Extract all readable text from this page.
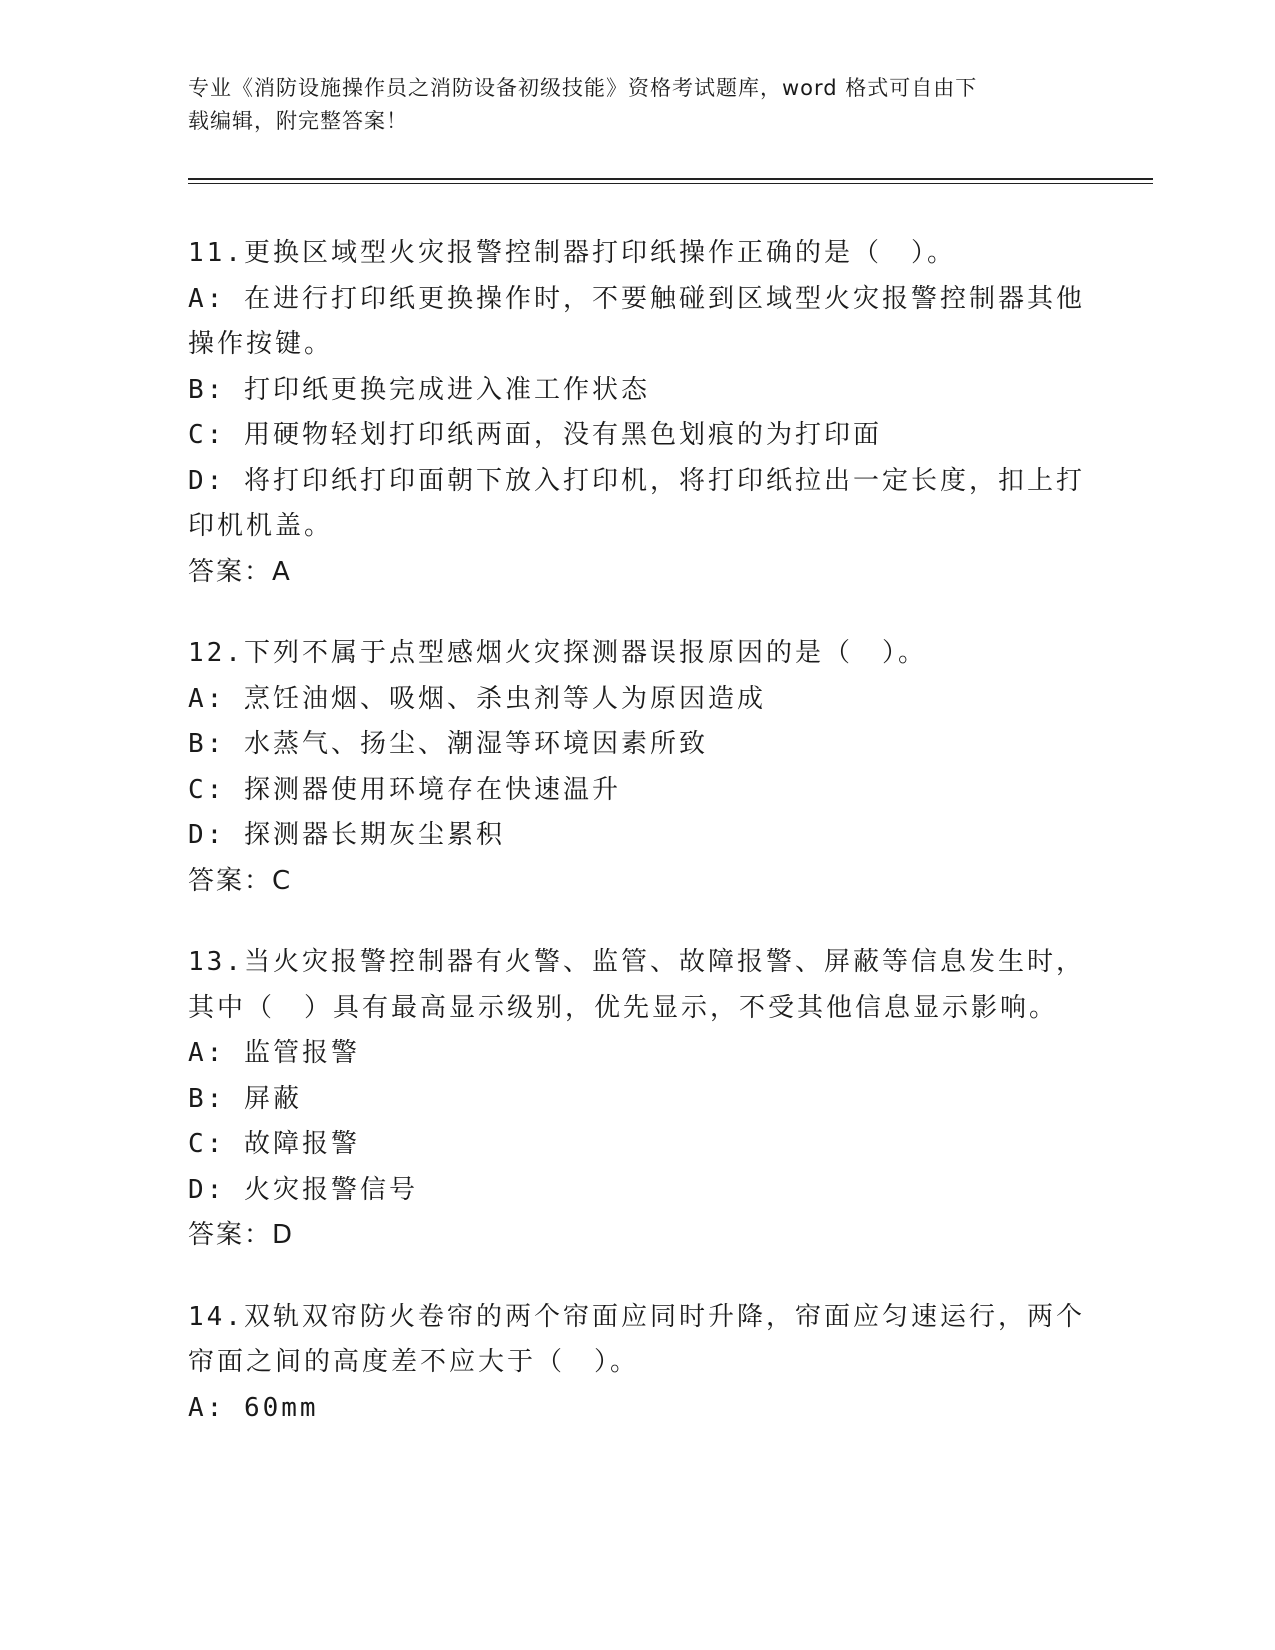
专业《消防设施操作员之消防设备初级技能》资格考试题库，word 格式可自由下
载编辑，附完整答案！
11.更换区域型火灾报警控制器打印纸操作正确的是（　）。
A: 在进行打印纸更换操作时，不要触碰到区域型火灾报警控制器其他
操作按键。
B: 打印纸更换完成进入准工作状态
C: 用硬物轻划打印纸两面，没有黑色划痕的为打印面
D: 将打印纸打印面朝下放入打印机，将打印纸拉出一定长度，扣上打
印机机盖。
答案：A
12.下列不属于点型感烟火灾探测器误报原因的是（　）。
A: 烹饪油烟、吸烟、杀虫剂等人为原因造成
B: 水蒸气、扬尘、潮湿等环境因素所致
C: 探测器使用环境存在快速温升
D: 探测器长期灰尘累积
答案：C
13.当火灾报警控制器有火警、监管、故障报警、屏蔽等信息发生时，
其中（　）具有最高显示级别，优先显示，不受其他信息显示影响。
A: 监管报警
B: 屏蔽
C: 故障报警
D: 火灾报警信号
答案：D
14.双轨双帘防火卷帘的两个帘面应同时升降，帘面应匀速运行，两个
帘面之间的高度差不应大于（　）。
A: 60mm
